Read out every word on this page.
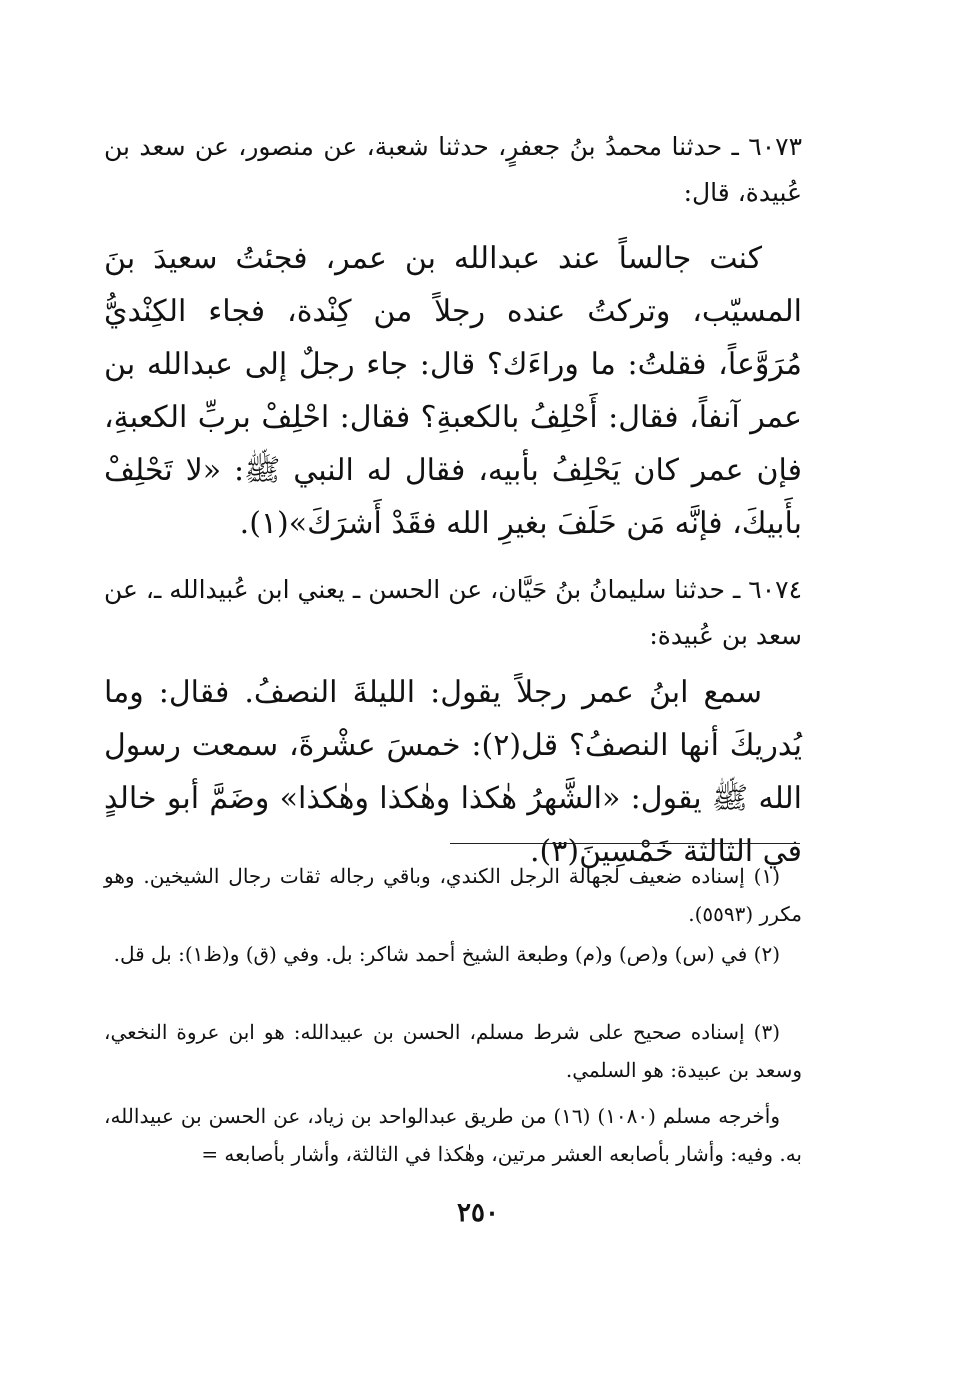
٦٠٧٣ ـ حدثنا محمدُ بنُ جعفرٍ، حدثنا شعبة، عن منصور، عن سعد بن عُبيدة، قال:

كنت جالساً عند عبدالله بن عمر، فجئتُ سعيدَ بنَ المسيّب، وتركتُ عنده رجلاً من كِنْدة، فجاء الكِنْديُّ مُرَوَّعاً، فقلتُ: ما وراءَك؟ قال: جاء رجلٌ إلى عبدالله بن عمر آنفاً، فقال: أَحْلِفُ بالكعبةِ؟ فقال: احْلِفْ بربِّ الكعبةِ، فإن عمر كان يَحْلِفُ بأبيه، فقال له النبي ﷺ: «لا تَحْلِفْ بأَبيكَ، فإنَّه مَن حَلَفَ بغيرِ الله فقَدْ أَشرَكَ»(١).

٦٠٧٤ ـ حدثنا سليمانُ بنُ حَيَّان، عن الحسن ـ يعني ابن عُبيدالله ـ، عن سعد بن عُبيدة:

سمع ابنُ عمر رجلاً يقول: الليلةَ النصفُ. فقال: وما يُدريكَ أنها النصفُ؟ قل(٢): خمسَ عشْرةَ، سمعت رسول الله ﷺ يقول: «الشَّهرُ هٰكذا وهٰكذا وهٰكذا» وضَمَّ أبو خالدٍ في الثالثة خَمْسِينَ(٣).

(١) إسناده ضعيف لجهالة الرجل الكندي، وباقي رجاله ثقات رجال الشيخين. وهو مكرر (٥٥٩٣).

(٢) في (س) و(ص) و(م) وطبعة الشيخ أحمد شاكر: بل. وفي (ق) و(ظ١): بل قل.

(٣) إسناده صحيح على شرط مسلم، الحسن بن عبيدالله: هو ابن عروة النخعي، وسعد بن عبيدة: هو السلمي.

وأخرجه مسلم (١٠٨٠) (١٦) من طريق عبدالواحد بن زياد، عن الحسن بن عبيدالله، به. وفيه: وأشار بأصابعه العشر مرتين، وهٰكذا في الثالثة، وأشار بأصابعه =

٢٥٠
